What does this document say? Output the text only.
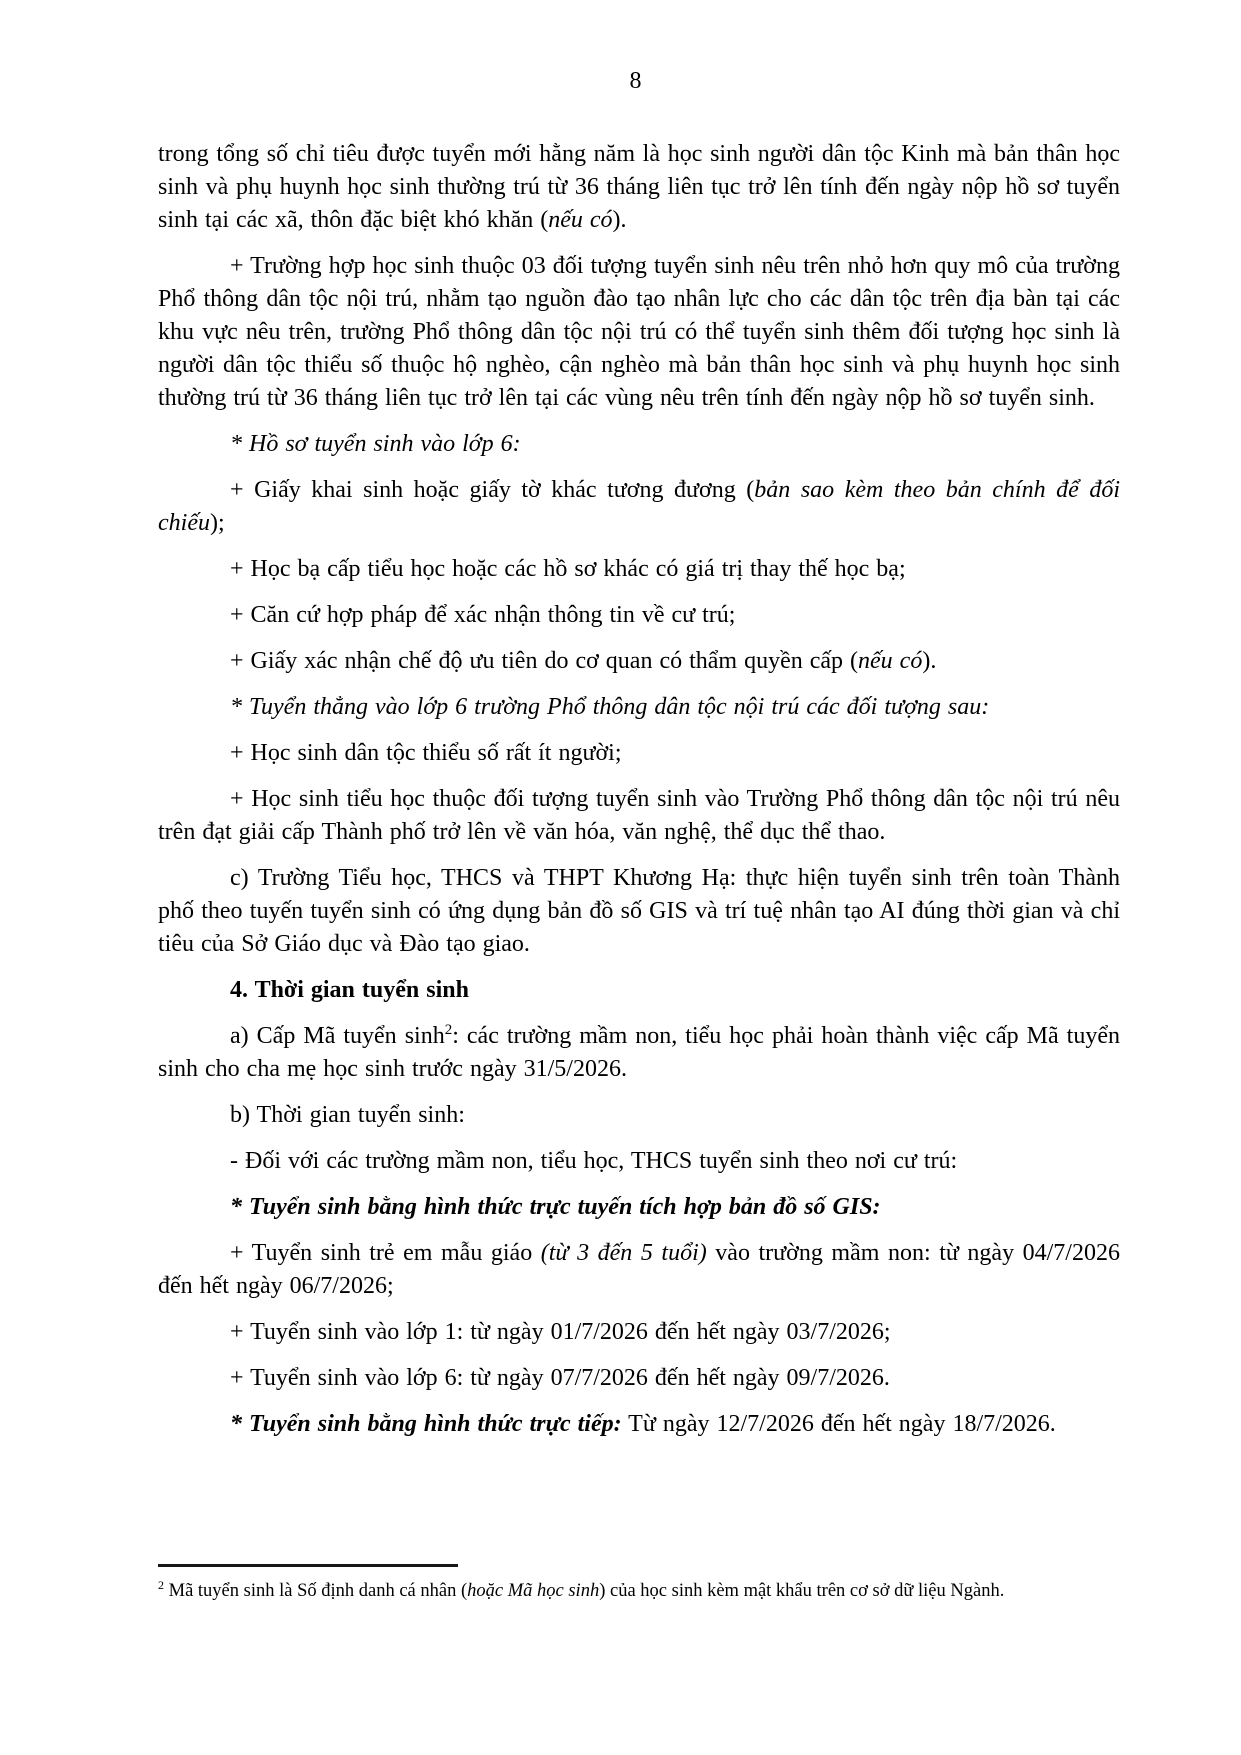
8

trong tổng số chỉ tiêu được tuyển mới hằng năm là học sinh người dân tộc Kinh mà bản thân học sinh và phụ huynh học sinh thường trú từ 36 tháng liên tục trở lên tính đến ngày nộp hồ sơ tuyển sinh tại các xã, thôn đặc biệt khó khăn (nếu có).

+ Trường hợp học sinh thuộc 03 đối tượng tuyển sinh nêu trên nhỏ hơn quy mô của trường Phổ thông dân tộc nội trú, nhằm tạo nguồn đào tạo nhân lực cho các dân tộc trên địa bàn tại các khu vực nêu trên, trường Phổ thông dân tộc nội trú có thể tuyển sinh thêm đối tượng học sinh là người dân tộc thiểu số thuộc hộ nghèo, cận nghèo mà bản thân học sinh và phụ huynh học sinh thường trú từ 36 tháng liên tục trở lên tại các vùng nêu trên tính đến ngày nộp hồ sơ tuyển sinh.

* Hồ sơ tuyển sinh vào lớp 6:

+ Giấy khai sinh hoặc giấy tờ khác tương đương (bản sao kèm theo bản chính để đối chiếu);

+ Học bạ cấp tiểu học hoặc các hồ sơ khác có giá trị thay thế học bạ;

+ Căn cứ hợp pháp để xác nhận thông tin về cư trú;

+ Giấy xác nhận chế độ ưu tiên do cơ quan có thẩm quyền cấp (nếu có).

* Tuyển thẳng vào lớp 6 trường Phổ thông dân tộc nội trú các đối tượng sau:

+ Học sinh dân tộc thiểu số rất ít người;

+ Học sinh tiểu học thuộc đối tượng tuyển sinh vào Trường Phổ thông dân tộc nội trú nêu trên đạt giải cấp Thành phố trở lên về văn hóa, văn nghệ, thể dục thể thao.

c) Trường Tiểu học, THCS và THPT Khương Hạ: thực hiện tuyển sinh trên toàn Thành phố theo tuyến tuyển sinh có ứng dụng bản đồ số GIS và trí tuệ nhân tạo AI đúng thời gian và chỉ tiêu của Sở Giáo dục và Đào tạo giao.

4. Thời gian tuyển sinh

a) Cấp Mã tuyển sinh$^2$: các trường mầm non, tiểu học phải hoàn thành việc cấp Mã tuyển sinh cho cha mẹ học sinh trước ngày 31/5/2026.

b) Thời gian tuyển sinh:

- Đối với các trường mầm non, tiểu học, THCS tuyển sinh theo nơi cư trú:

* Tuyển sinh bằng hình thức trực tuyến tích hợp bản đồ số GIS:

+ Tuyển sinh trẻ em mẫu giáo (từ 3 đến 5 tuổi) vào trường mầm non: từ ngày 04/7/2026 đến hết ngày 06/7/2026;

+ Tuyển sinh vào lớp 1: từ ngày 01/7/2026 đến hết ngày 03/7/2026;

+ Tuyển sinh vào lớp 6: từ ngày 07/7/2026 đến hết ngày 09/7/2026.

* Tuyển sinh bằng hình thức trực tiếp: Từ ngày 12/7/2026 đến hết ngày 18/7/2026.

$^2$ Mã tuyển sinh là Số định danh cá nhân (hoặc Mã học sinh) của học sinh kèm mật khẩu trên cơ sở dữ liệu Ngành.
